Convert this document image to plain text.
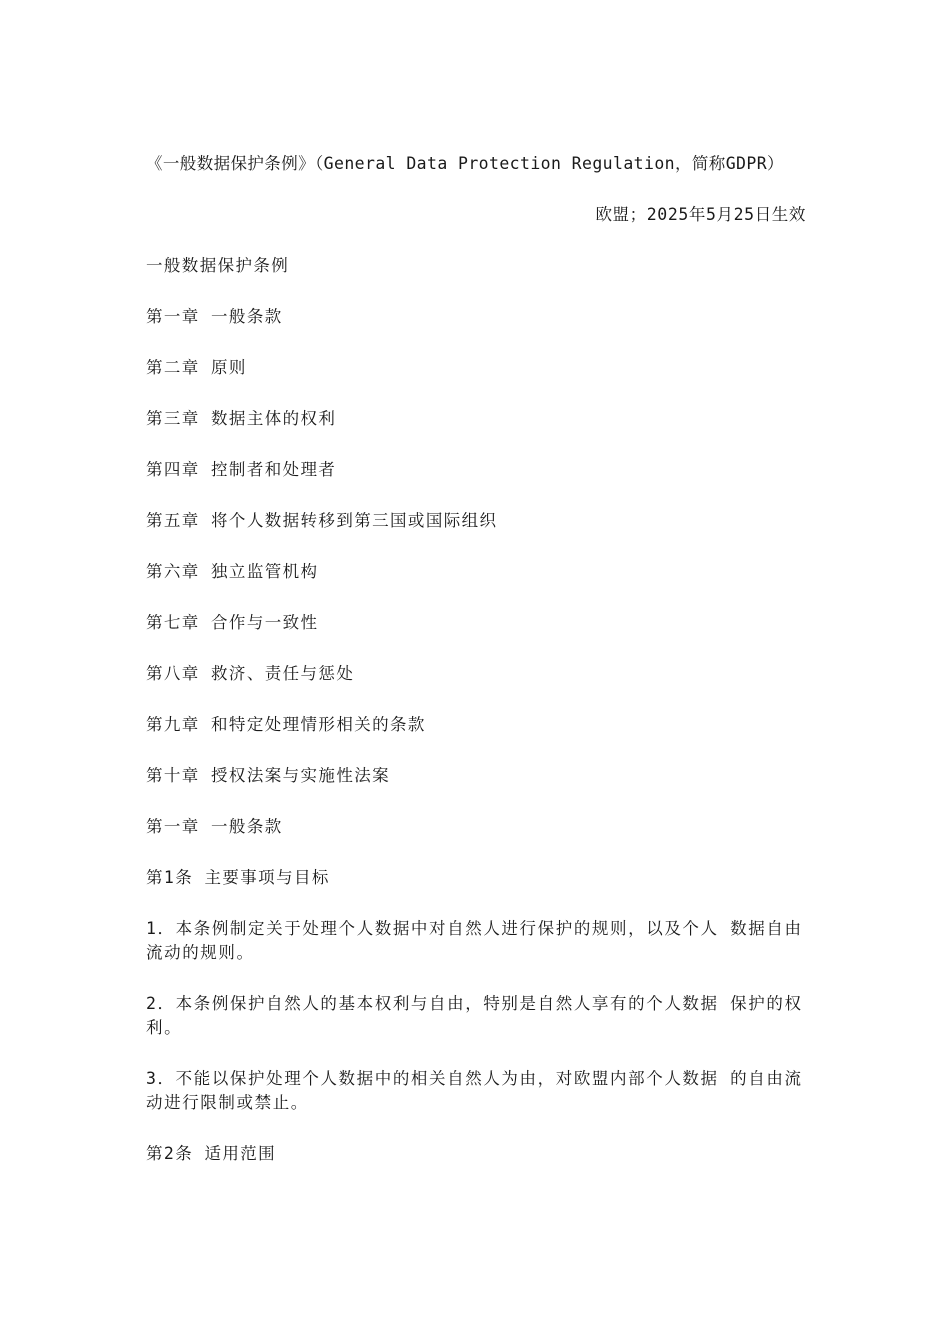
《一般数据保护条例》（General Data Protection Regulation，简称GDPR）
欧盟；2025年5月25日生效
一般数据保护条例
第一章 一般条款
第二章 原则
第三章 数据主体的权利
第四章 控制者和处理者
第五章 将个人数据转移到第三国或国际组织
第六章 独立监管机构
第七章 合作与一致性
第八章 救济、责任与惩处
第九章 和特定处理情形相关的条款
第十章 授权法案与实施性法案
第一章 一般条款
第1条 主要事项与目标
1．本条例制定关于处理个人数据中对自然人进行保护的规则，以及个人 数据自由流动的规则。
2．本条例保护自然人的基本权利与自由，特别是自然人享有的个人数据 保护的权利。
3．不能以保护处理个人数据中的相关自然人为由，对欧盟内部个人数据 的自由流动进行限制或禁止。
第2条 适用范围
